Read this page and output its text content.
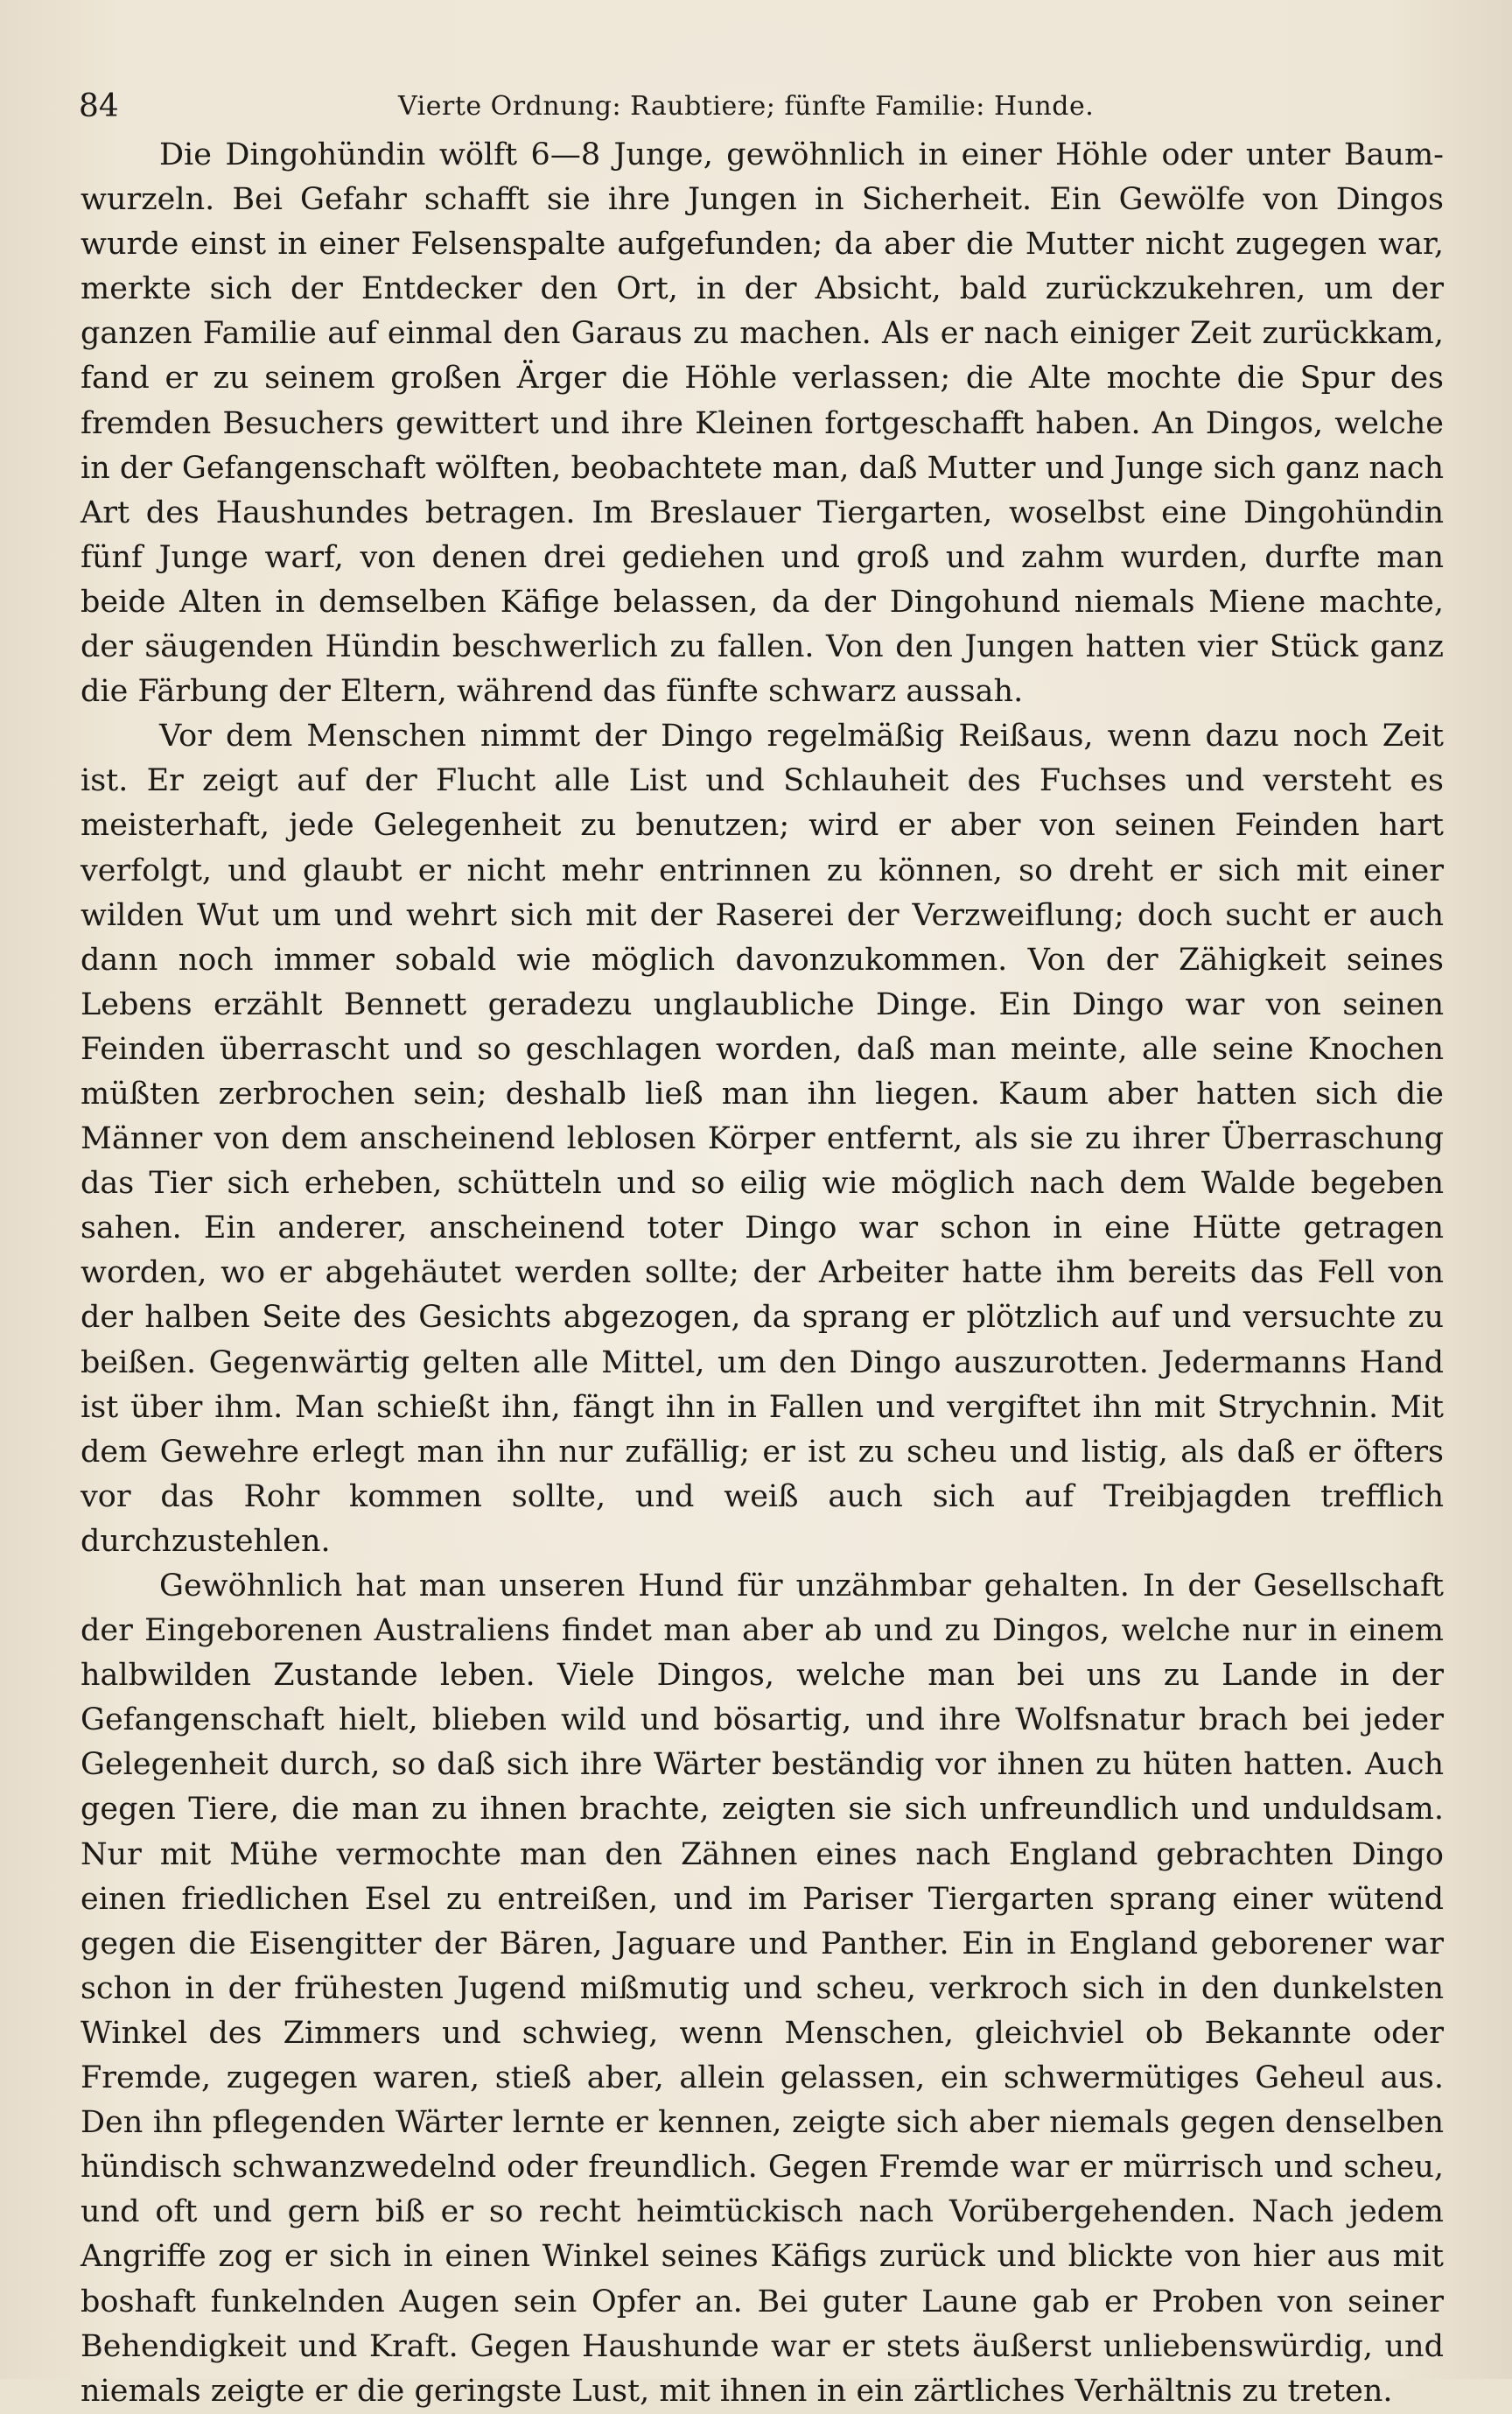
84	Vierte Ordnung: Raubtiere; fünfte Familie: Hunde.

Die Dingohündin wölft 6—8 Junge, gewöhnlich in einer Höhle oder unter Baumwurzeln. Bei Gefahr schafft sie ihre Jungen in Sicherheit. Ein Gewölfe von Dingos wurde einst in einer Felsenspalte aufgefunden; da aber die Mutter nicht zugegen war, merkte sich der Entdecker den Ort, in der Absicht, bald zurückzukehren, um der ganzen Familie auf einmal den Garaus zu machen. Als er nach einiger Zeit zurückkam, fand er zu seinem großen Ärger die Höhle verlassen; die Alte mochte die Spur des fremden Besuchers gewittert und ihre Kleinen fortgeschafft haben. An Dingos, welche in der Gefangenschaft wölften, beobachtete man, daß Mutter und Junge sich ganz nach Art des Haushundes betragen. Im Breslauer Tiergarten, woselbst eine Dingohündin fünf Junge warf, von denen drei gediehen und groß und zahm wurden, durfte man beide Alten in demselben Käfige belassen, da der Dingohund niemals Miene machte, der säugenden Hündin beschwerlich zu fallen. Von den Jungen hatten vier Stück ganz die Färbung der Eltern, während das fünfte schwarz aussah.

Vor dem Menschen nimmt der Dingo regelmäßig Reißaus, wenn dazu noch Zeit ist. Er zeigt auf der Flucht alle List und Schlauheit des Fuchses und versteht es meisterhaft, jede Gelegenheit zu benutzen; wird er aber von seinen Feinden hart verfolgt, und glaubt er nicht mehr entrinnen zu können, so dreht er sich mit einer wilden Wut um und wehrt sich mit der Raserei der Verzweiflung; doch sucht er auch dann noch immer sobald wie möglich davonzukommen. Von der Zähigkeit seines Lebens erzählt Bennett geradezu unglaubliche Dinge. Ein Dingo war von seinen Feinden überrascht und so geschlagen worden, daß man meinte, alle seine Knochen müßten zerbrochen sein; deshalb ließ man ihn liegen. Kaum aber hatten sich die Männer von dem anscheinend leblosen Körper entfernt, als sie zu ihrer Überraschung das Tier sich erheben, schütteln und so eilig wie möglich nach dem Walde begeben sahen. Ein anderer, anscheinend toter Dingo war schon in eine Hütte getragen worden, wo er abgehäutet werden sollte; der Arbeiter hatte ihm bereits das Fell von der halben Seite des Gesichts abgezogen, da sprang er plötzlich auf und versuchte zu beißen. Gegenwärtig gelten alle Mittel, um den Dingo auszurotten. Jedermanns Hand ist über ihm. Man schießt ihn, fängt ihn in Fallen und vergiftet ihn mit Strychnin. Mit dem Gewehre erlegt man ihn nur zufällig; er ist zu scheu und listig, als daß er öfters vor das Rohr kommen sollte, und weiß auch sich auf Treibjagden trefflich durchzustehlen.

Gewöhnlich hat man unseren Hund für unzähmbar gehalten. In der Gesellschaft der Eingeborenen Australiens findet man aber ab und zu Dingos, welche nur in einem halbwilden Zustande leben. Viele Dingos, welche man bei uns zu Lande in der Gefangenschaft hielt, blieben wild und bösartig, und ihre Wolfsnatur brach bei jeder Gelegenheit durch, so daß sich ihre Wärter beständig vor ihnen zu hüten hatten. Auch gegen Tiere, die man zu ihnen brachte, zeigten sie sich unfreundlich und unduldsam. Nur mit Mühe vermochte man den Zähnen eines nach England gebrachten Dingo einen friedlichen Esel zu entreißen, und im Pariser Tiergarten sprang einer wütend gegen die Eisengitter der Bären, Jaguare und Panther. Ein in England geborener war schon in der frühesten Jugend mißmutig und scheu, verkroch sich in den dunkelsten Winkel des Zimmers und schwieg, wenn Menschen, gleichviel ob Bekannte oder Fremde, zugegen waren, stieß aber, allein gelassen, ein schwermütiges Geheul aus. Den ihn pflegenden Wärter lernte er kennen, zeigte sich aber niemals gegen denselben hündisch schwanzwedelnd oder freundlich. Gegen Fremde war er mürrisch und scheu, und oft und gern biß er so recht heimtückisch nach Vorübergehenden. Nach jedem Angriffe zog er sich in einen Winkel seines Käfigs zurück und blickte von hier aus mit boshaft funkelnden Augen sein Opfer an. Bei guter Laune gab er Proben von seiner Behendigkeit und Kraft. Gegen Haushunde war er stets äußerst unliebenswürdig, und niemals zeigte er die geringste Lust, mit ihnen in ein zärtliches Verhältnis zu treten.
